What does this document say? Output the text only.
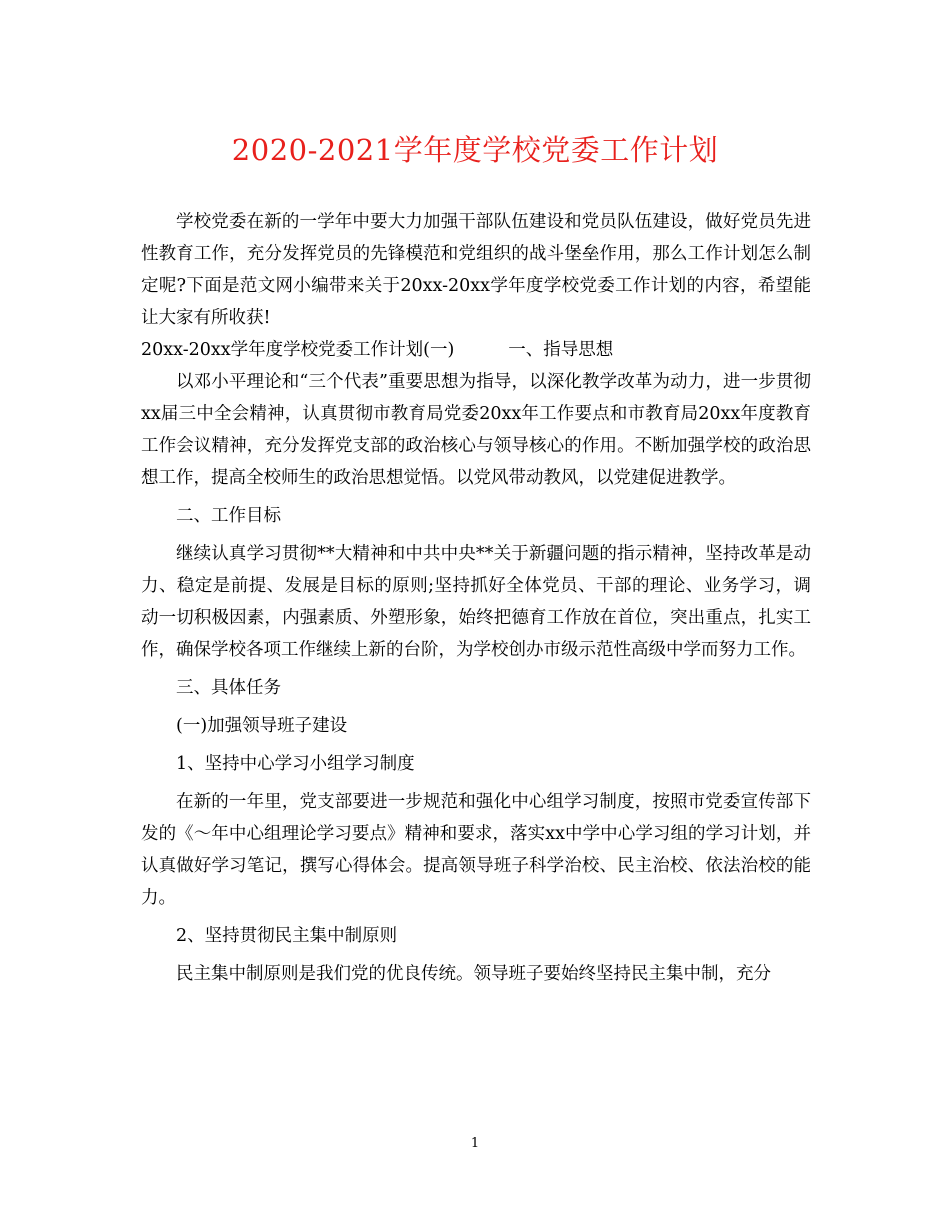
2020-2021学年度学校党委工作计划

学校党委在新的一学年中要大力加强干部队伍建设和党员队伍建设，做好党员先进性教育工作，充分发挥党员的先锋模范和党组织的战斗堡垒作用，那么工作计划怎么制定呢?下面是范文网小编带来关于20xx-20xx学年度学校党委工作计划的内容，希望能让大家有所收获!

20xx-20xx学年度学校党委工作计划(一)	一、指导思想

以邓小平理论和“三个代表”重要思想为指导，以深化教学改革为动力，进一步贯彻xx届三中全会精神，认真贯彻市教育局党委20xx年工作要点和市教育局20xx年度教育工作会议精神，充分发挥党支部的政治核心与领导核心的作用。不断加强学校的政治思想工作，提高全校师生的政治思想觉悟。以党风带动教风，以党建促进教学。

二、工作目标

继续认真学习贯彻**大精神和中共中央**关于新疆问题的指示精神，坚持改革是动力、稳定是前提、发展是目标的原则;坚持抓好全体党员、干部的理论、业务学习，调动一切积极因素，内强素质、外塑形象，始终把德育工作放在首位，突出重点，扎实工作，确保学校各项工作继续上新的台阶，为学校创办市级示范性高级中学而努力工作。

三、具体任务

(一)加强领导班子建设

1、坚持中心学习小组学习制度

在新的一年里，党支部要进一步规范和强化中心组学习制度，按照市党委宣传部下发的《～年中心组理论学习要点》精神和要求，落实xx中学中心学习组的学习计划，并认真做好学习笔记，撰写心得体会。提高领导班子科学治校、民主治校、依法治校的能力。

2、坚持贯彻民主集中制原则

民主集中制原则是我们党的优良传统。领导班子要始终坚持民主集中制，充分

1
